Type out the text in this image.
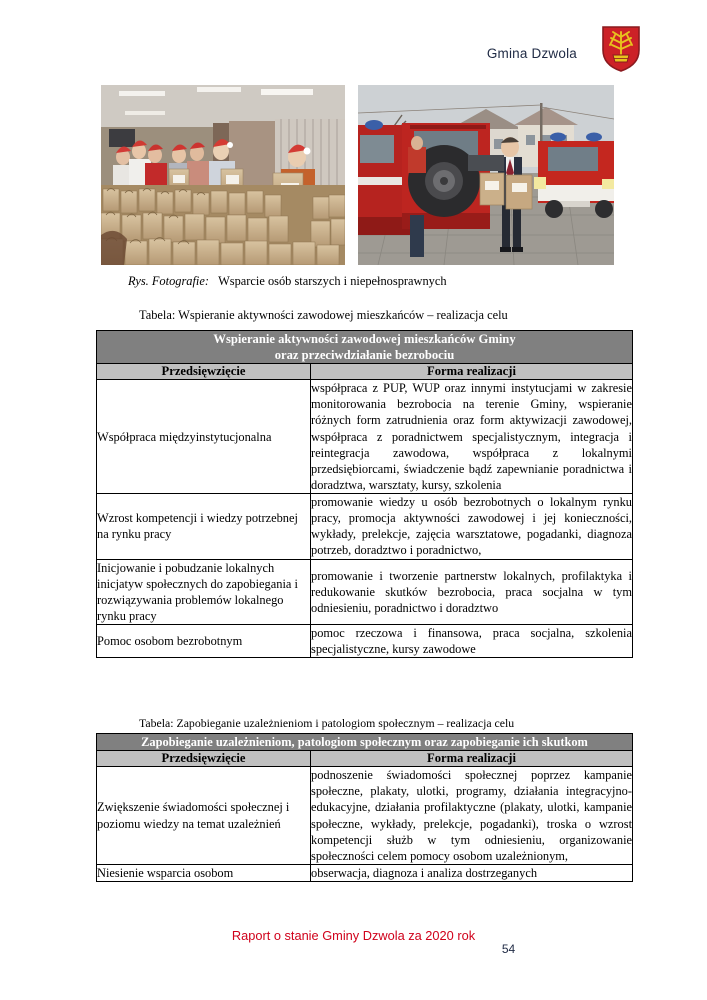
Gmina Dzwola
Rys. Fotografie: Wsparcie osób starszych i niepełnosprawnych
Tabela: Wspieranie aktywności zawodowej mieszkańców – realizacja celu
Wspieranie aktywności zawodowej mieszkańców Gminy
oraz przeciwdziałanie bezrobociu	

Przedsięwzięcie	Forma realizacji
Współpraca międzyinstytucjonalna	współpraca z PUP, WUP oraz innymi instytucjami w zakresie monitorowania bezrobocia na terenie Gminy, wspieranie różnych form zatrudnienia oraz form aktywizacji zawodowej, współpraca z poradnictwem specjalistycznym, integracja i reintegracja zawodowa, współpraca z lokalnymi przedsiębiorcami, świadczenie bądź zapewnianie poradnictwa i doradztwa, warsztaty, kursy, szkolenia
Wzrost kompetencji i wiedzy potrzebnej na rynku pracy	promowanie wiedzy u osób bezrobotnych o lokalnym rynku pracy, promocja aktywności zawodowej i jej konieczności, wykłady, prelekcje, zajęcia warsztatowe, pogadanki, diagnoza potrzeb, doradztwo i poradnictwo,
Inicjowanie i pobudzanie lokalnych inicjatyw społecznych do zapobiegania i rozwiązywania problemów lokalnego rynku pracy	promowanie i tworzenie partnerstw lokalnych, profilaktyka i redukowanie skutków bezrobocia, praca socjalna w tym odniesieniu, poradnictwo i doradztwo
Pomoc osobom bezrobotnym	pomoc rzeczowa i finansowa, praca socjalna, szkolenia specjalistyczne, kursy zawodowe
Tabela: Zapobieganie uzależnieniom i patologiom społecznym – realizacja celu
Zapobieganie uzależnieniom, patologiom społecznym oraz zapobieganie ich skutkom	
Przedsięwzięcie	Forma realizacji
Zwiększenie świadomości społecznej i poziomu wiedzy na temat uzależnień	podnoszenie świadomości społecznej poprzez kampanie społeczne, plakaty, ulotki, programy, działania integracyjno-edukacyjne, działania profilaktyczne (plakaty, ulotki, kampanie społeczne, wykłady, prelekcje, pogadanki), troska o wzrost kompetencji służb w tym odniesieniu, organizowanie społeczności celem pomocy osobom uzależnionym,
Niesienie wsparcia osobom	obserwacja, diagnoza i analiza dostrzeganych
Raport o stanie Gminy Dzwola za 2020 rok
54
